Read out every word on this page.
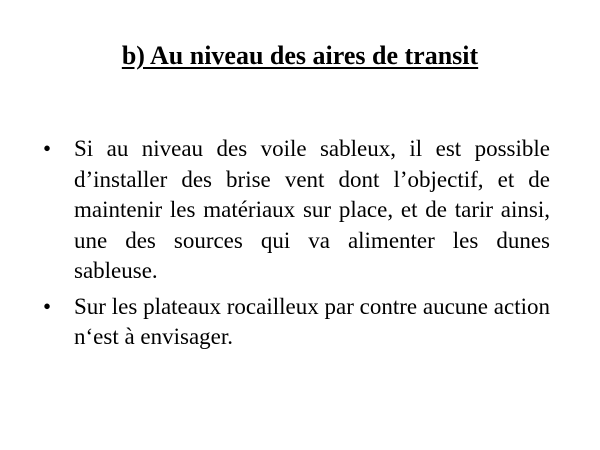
b) Au niveau des aires de transit
• Si au niveau des voile sableux, il est possible d’installer des brise vent dont l’objectif, et de maintenir les matériaux sur place, et de tarir ainsi, une des sources qui va alimenter les dunes sableuse.
• Sur les plateaux rocailleux par contre aucune action n‘est à envisager.
